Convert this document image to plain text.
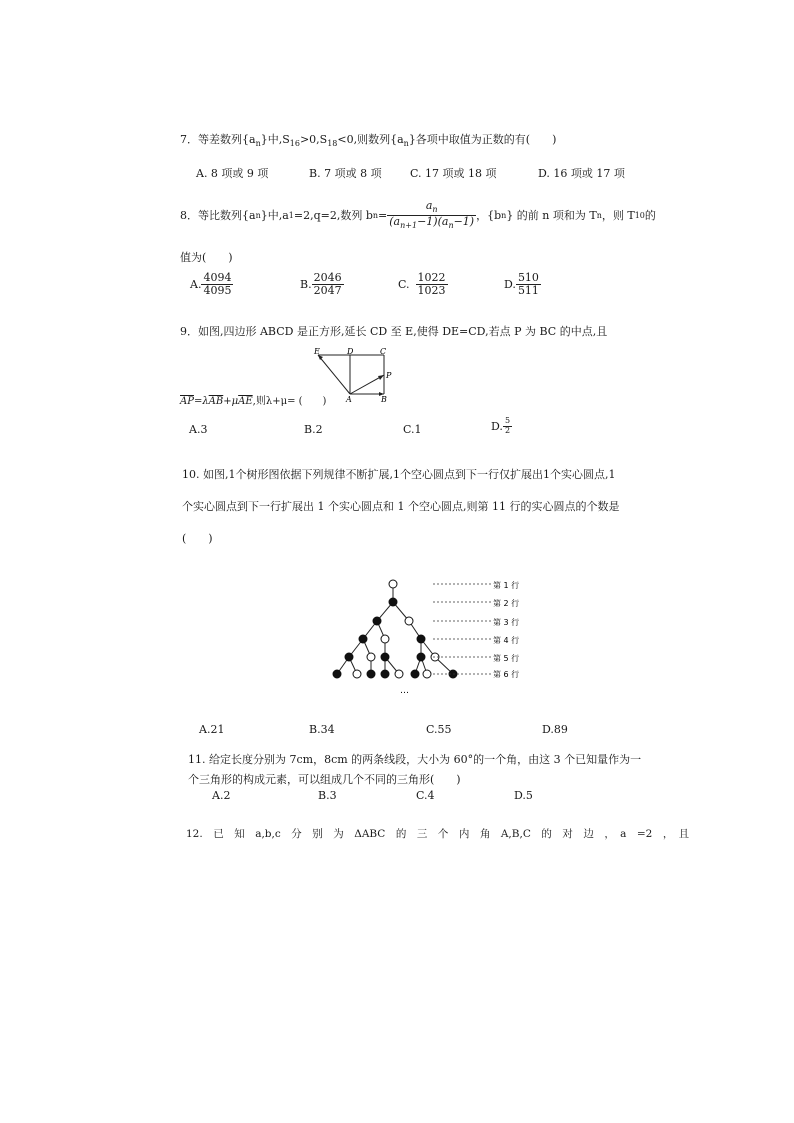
7．等差数列$\{a_n\}$中$,S_{16}>0,S_{18}<0$,则数列$\{a_n\}$各项中取值为正数的有(　　)
A. 8 项或 9 项	B. 7 项或 8 项	C. 17 项或 18 项	D. 16 项或 17 项
8．等比数列{a n }中,a 1 =2,q=2,数列 b $n = \frac{a_n}{(a_{n+1}-1)(a_n-1)}$ ，{b n } 的前 n 项和为 T n ，则 T 10 的
值为(　　)
A. $\frac{4094}{4095}$	B. $\frac{2046}{2047}$	C. $\frac{1022}{1023}$	D. $\frac{510}{511}$
9．如图,四边形 ABCD 是正方形,延长 CD 至 E,使得 DE=CD,若点 P 为 BC 的中点,且
E	D	C
P
A	B
$\overline{AP}=\lambda\overline{AB}+\mu\overline{AE}$,则λ+μ= (　　)
A.3	B.2	C.1	D. $\frac{5}{2}$
10. 如图,1个树形图依据下列规律不断扩展,1个空心圆点到下一行仅扩展出1个实心圆点,1
个实心圆点到下一行扩展出 1 个实心圆点和 1 个空心圆点,则第 11 行的实心圆点的个数是
(　　)
第 1 行
第 2 行
第 3 行
第 4 行
第 5 行
第 6 行
…
A.21	B.34	C.55	D.89
11. 给定长度分别为 7cm，8cm 的两条线段，大小为 60°的一个角，由这 3 个已知量作为一
个三角形的构成元素，可以组成几个不同的三角形(　　)
A.2	B.3	C.4	D.5
12.　已　知　a,b,c　分　别　为　ΔABC　的　三　个　内　角　A,B,C　的　对　边　，　a　=2　，　且
